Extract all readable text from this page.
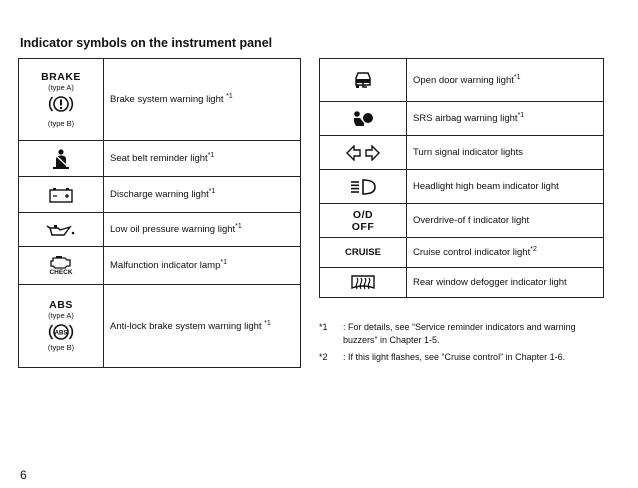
Indicator symbols on the instrument panel
BRAKE
(type A)
(type B)	Brake system warning light $^{*1}$

	Seat belt reminder light$^{*1}$

	Discharge warning light$^{*1}$

	Low oil pressure warning light$^{*1}$

CHECK	Malfunction indicator lamp$^{*1}$

ABS
(type A)
ABS
(type B)	Anti-lock brake system warning light $^{*1}$
	Open door warning light$^{*1}$

	SRS airbag warning light$^{*1}$

	Turn signal indicator lights

	Headlight high beam indicator light

O/D
OFF	Overdrive-of f indicator light
CRUISE	Cruise control indicator light$^{*2}$

	Rear window defogger indicator light
*1 : For details, see “Service reminder indicators and warning buzzers” in Chapter 1-5.
*2 : If this light flashes, see “Cruise control” in Chapter 1-6.
6
